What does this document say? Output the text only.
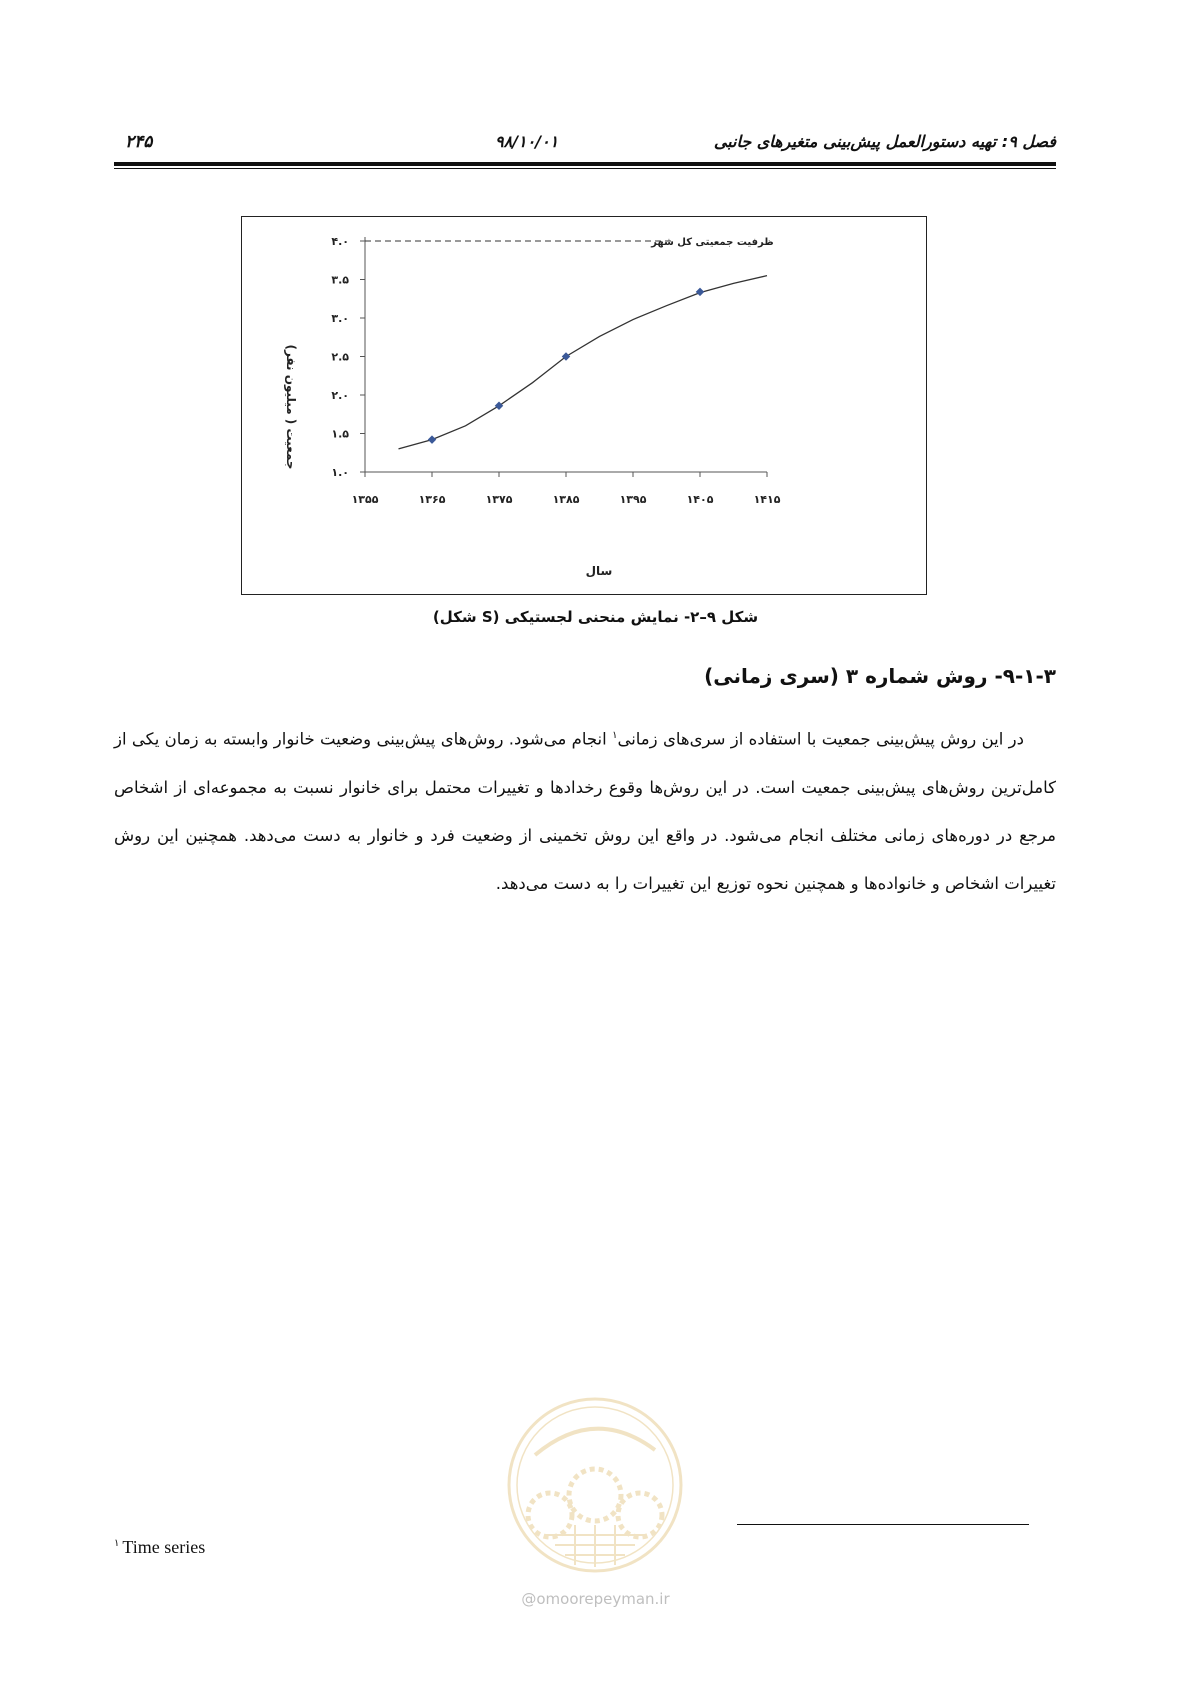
فصل ۹: تهیه دستورالعمل پیش‌بینی متغیرهای جانبی
۹۸/۱۰/۰۱
۲۴۵
جمعیت ( میلیون نفر)
سال
۱.۰
۱.۵
۲.۰
۲.۵
۳.۰
۳.۵
۴.۰
۱۳۵۵	۱۳۶۵	۱۳۷۵	۱۳۸۵	۱۳۹۵	۱۴۰۵	۱۴۱۵
ظرفیت جمعیتی کل شهر
شکل ۹–۲- نمایش منحنی لجستیکی (S شکل)
۹-۱-۳- روش شماره ۳ (سری زمانی)
در این روش پیش‌بینی جمعیت با استفاده از سری‌های زمانی$^۱$ انجام می‌شود. روش‌های پیش‌بینی وضعیت خانوار وابسته به زمان یکی از کامل‌ترین روش‌های پیش‌بینی جمعیت است. در این روش‌ها وقوع رخدادها و تغییرات محتمل برای خانوار نسبت به مجموعه‌ای از اشخاص مرجع در دوره‌های زمانی مختلف انجام می‌شود. در واقع این روش تخمینی از وضعیت فرد و خانوار به دست می‌دهد. همچنین این روش تغییرات اشخاص و خانواده‌ها و همچنین نحوه توزیع این تغییرات را به دست می‌دهد.
@omoorepeyman.ir
$^۱$ Time series
